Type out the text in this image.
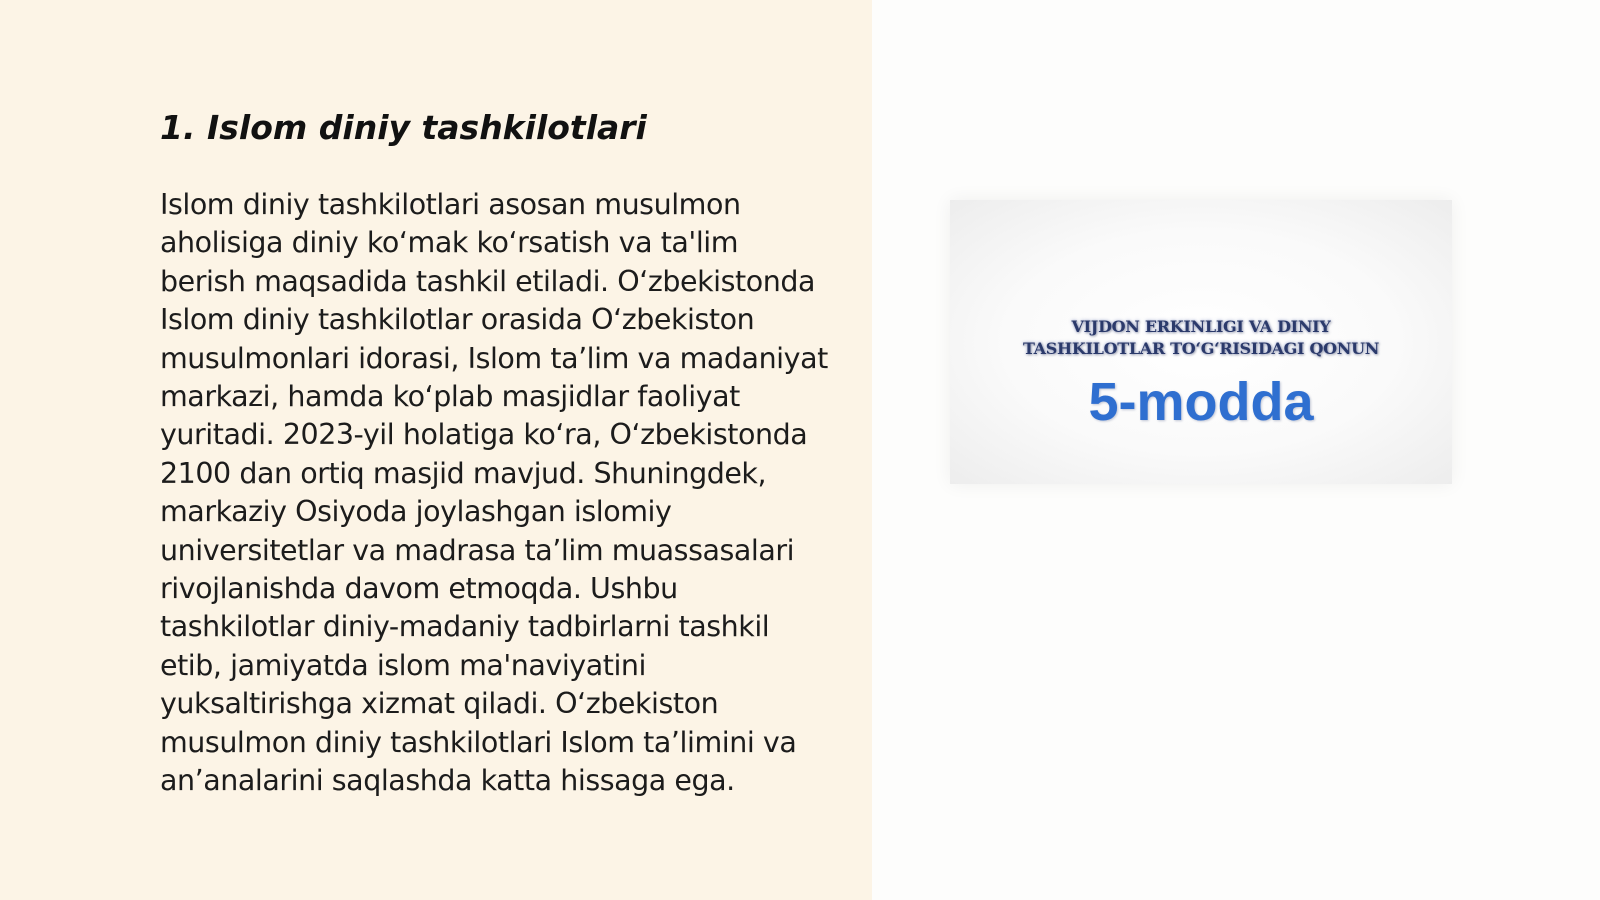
1. Islom diniy tashkilotlari

Islom diniy tashkilotlari asosan musulmon aholisiga diniy koʻmak koʻrsatish va ta'lim berish maqsadida tashkil etiladi. Oʻzbekistonda Islom diniy tashkilotlar orasida Oʻzbekiston musulmonlari idorasi, Islom taʼlim va madaniyat markazi, hamda koʻplab masjidlar faoliyat yuritadi. 2023-yil holatiga koʻra, Oʻzbekistonda 2100 dan ortiq masjid mavjud. Shuningdek, markaziy Osiyoda joylashgan islomiy universitetlar va madrasa taʼlim muassasalari rivojlanishda davom etmoqda. Ushbu tashkilotlar diniy-madaniy tadbirlarni tashkil etib, jamiyatda islom ma'naviyatini yuksaltirishga xizmat qiladi. Oʻzbekiston musulmon diniy tashkilotlari Islom taʼlimini va anʼanalarini saqlashda katta hissaga ega.

VIJDON ERKINLIGI VA DINIY
TASHKILOTLAR TOʻGʻRISIDAGI QONUN
5-modda
